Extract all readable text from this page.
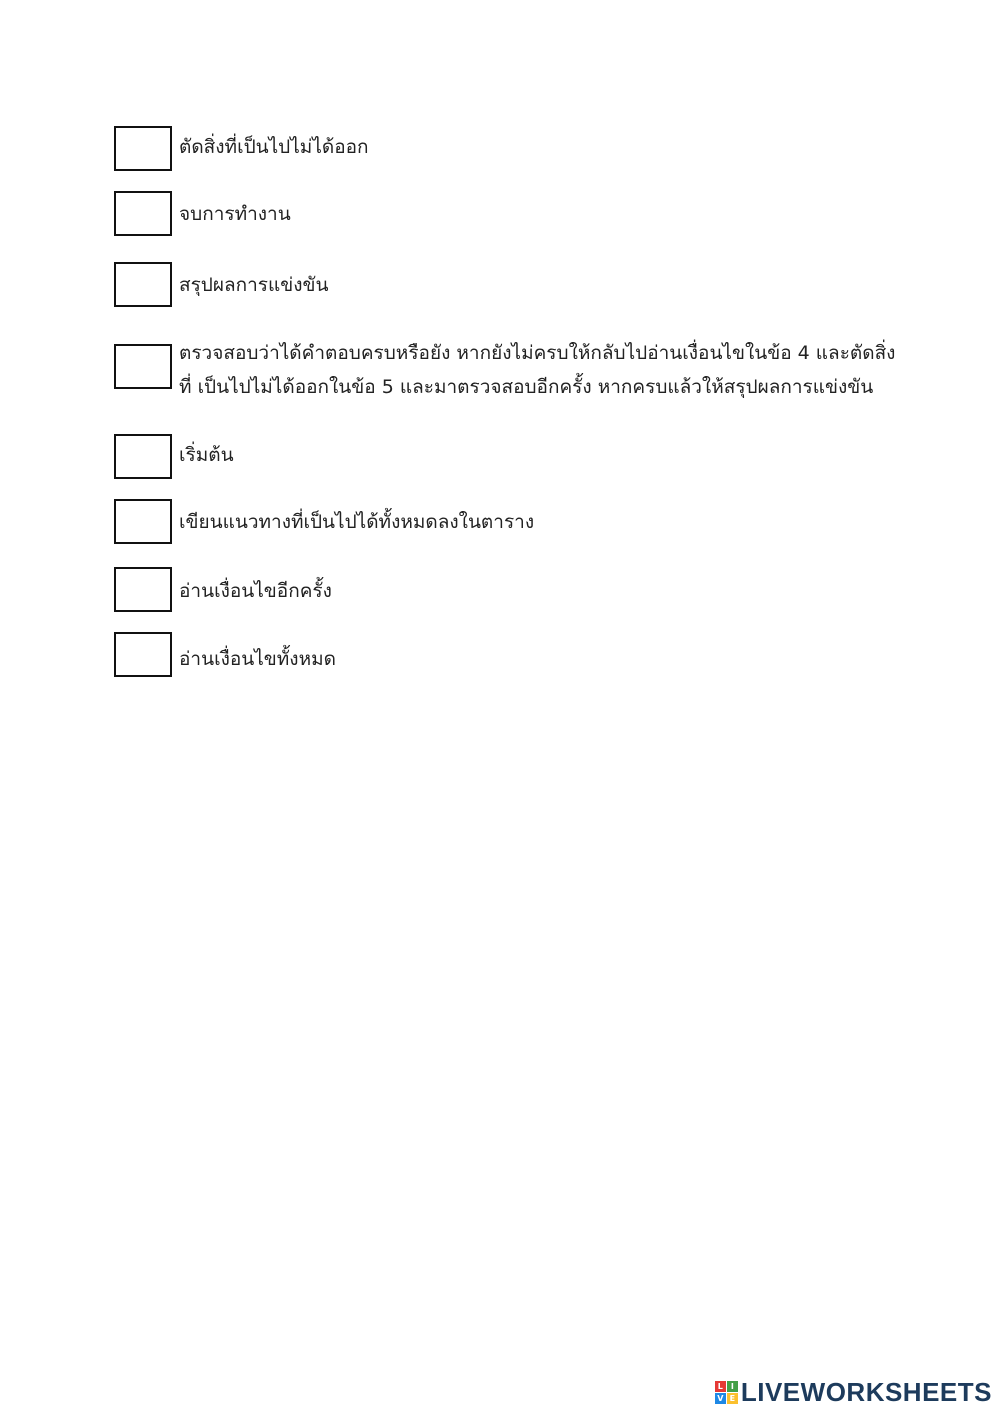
ตัดสิ่งที่เป็นไปไม่ได้ออก
จบการทำงาน
สรุปผลการแข่งขัน
ตรวจสอบว่าได้คำตอบครบหรือยัง หากยังไม่ครบให้กลับไปอ่านเงื่อนไขในข้อ 4 และตัดสิ่งที่ เป็นไปไม่ได้ออกในข้อ 5 และมาตรวจสอบอีกครั้ง หากครบแล้วให้สรุปผลการแข่งขัน
เริ่มต้น
เขียนแนวทางที่เป็นไปได้ทั้งหมดลงในตาราง
อ่านเงื่อนไขอีกครั้ง
อ่านเงื่อนไขทั้งหมด
L I
V E LIVEWORKSHEETS
